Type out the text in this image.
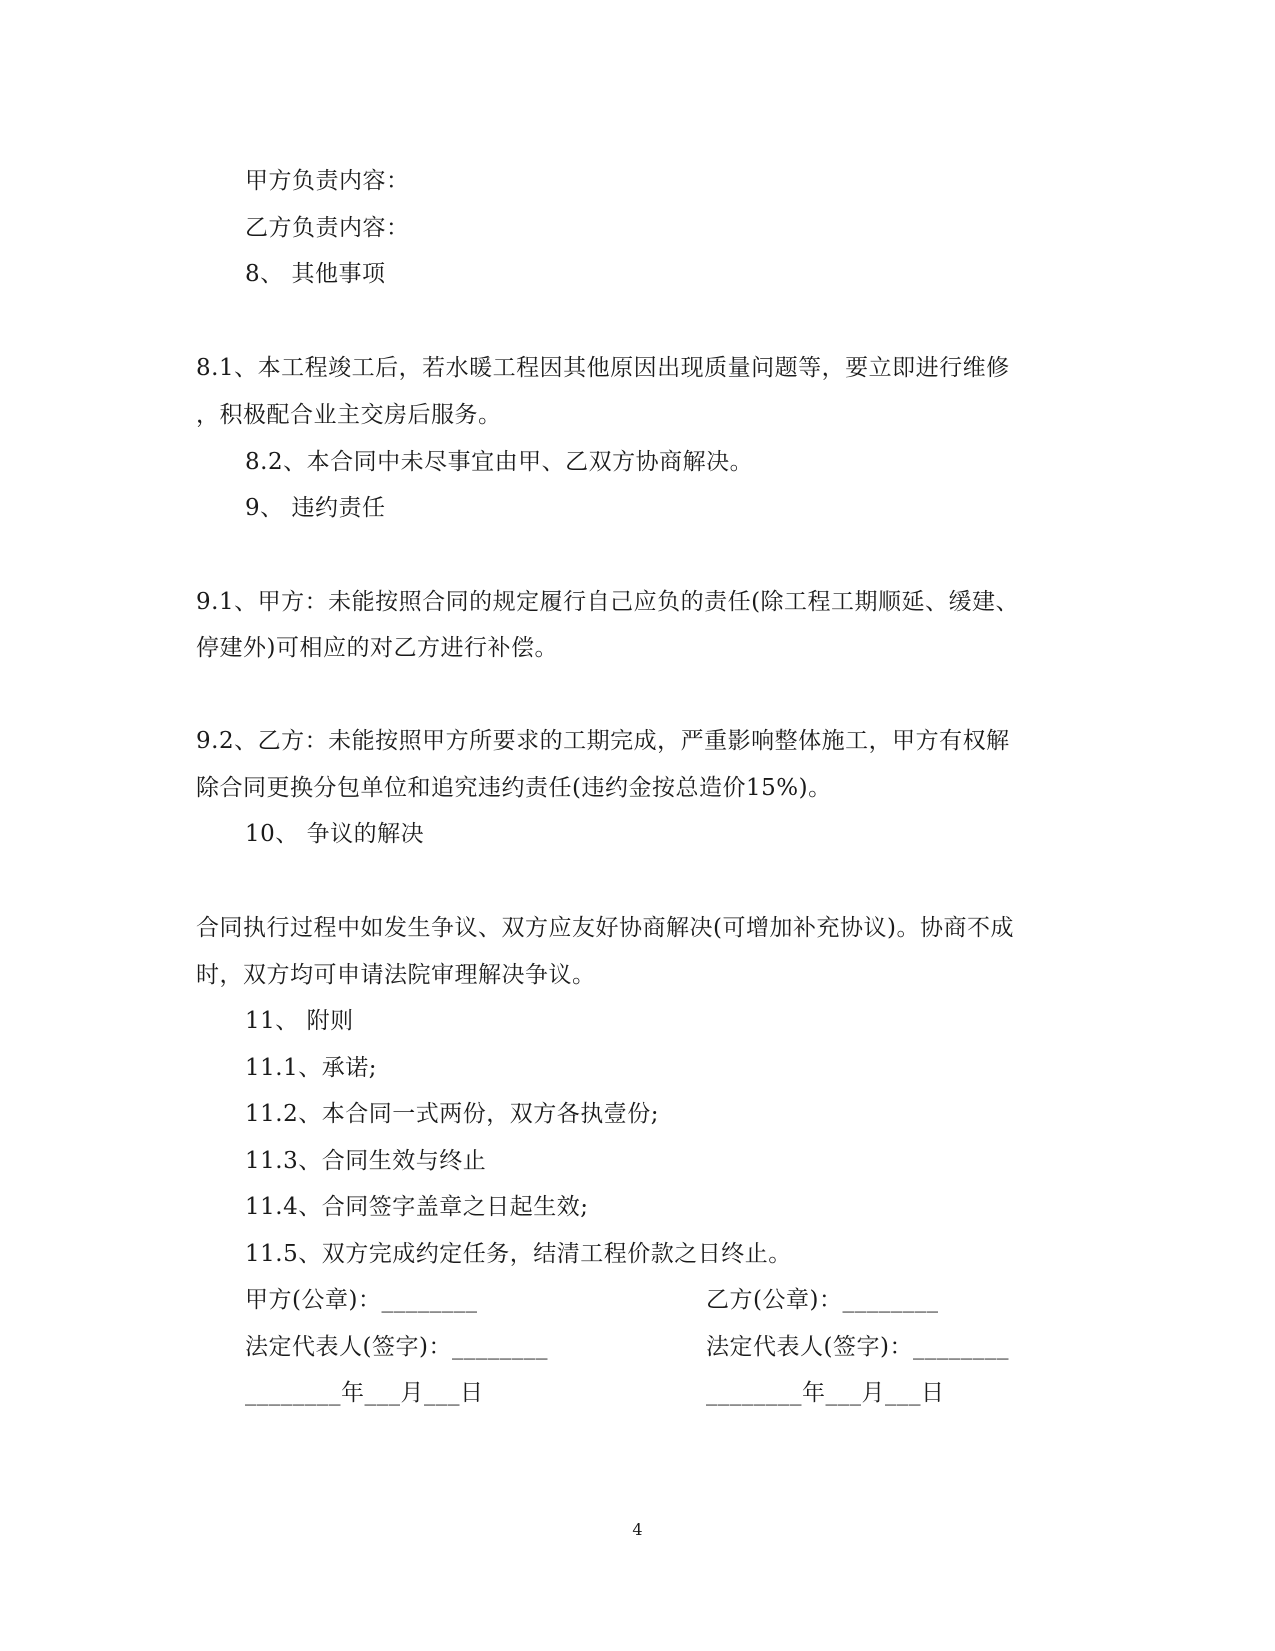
甲方负责内容：
乙方负责内容：
8、 其他事项
8.1、本工程竣工后，若水暖工程因其他原因出现质量问题等，要立即进行维修
，积极配合业主交房后服务。
8.2、本合同中未尽事宜由甲、乙双方协商解决。
9、 违约责任
9.1、甲方：未能按照合同的规定履行自己应负的责任(除工程工期顺延、缓建、
停建外)可相应的对乙方进行补偿。
9.2、乙方：未能按照甲方所要求的工期完成，严重影响整体施工，甲方有权解
除合同更换分包单位和追究违约责任(违约金按总造价15%)。
10、 争议的解决
合同执行过程中如发生争议、双方应友好协商解决(可增加补充协议)。协商不成
时，双方均可申请法院审理解决争议。
11、 附则
11.1、承诺;
11.2、本合同一式两份，双方各执壹份;
11.3、合同生效与终止
11.4、合同签字盖章之日起生效;
11.5、双方完成约定任务，结清工程价款之日终止。
甲方(公章)：________	乙方(公章)：________
法定代表人(签字)：________	法定代表人(签字)：________
________年___月___日	________年___月___日
4
